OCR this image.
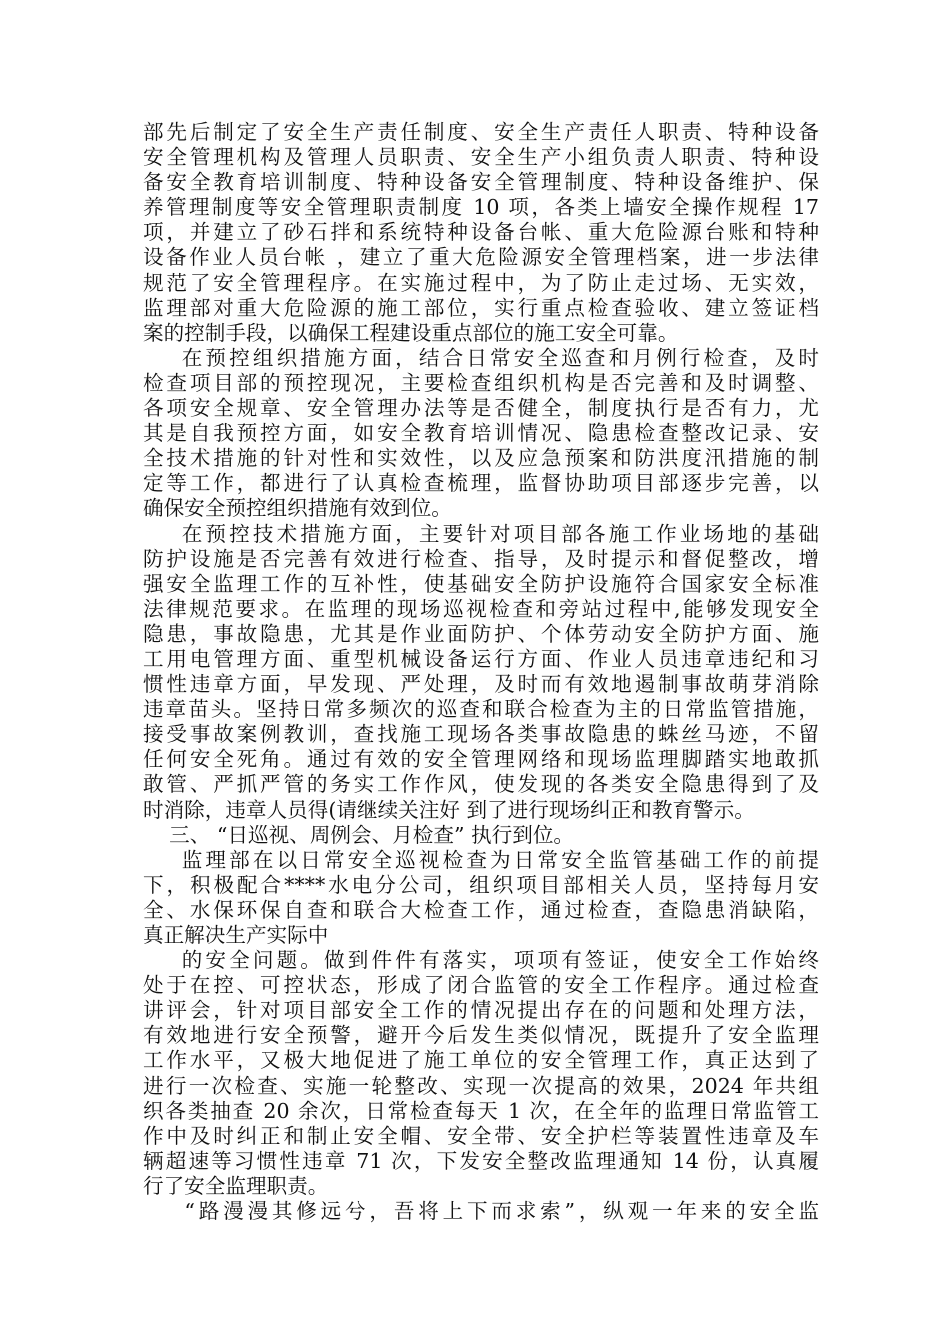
部先后制定了安全生产责任制度、安全生产责任人职责、特种设备
安全管理机构及管理人员职责、安全生产小组负责人职责、特种设
备安全教育培训制度、特种设备安全管理制度、特种设备维护、保
养管理制度等安全管理职责制度 10 项，各类上墙安全操作规程 17
项，并建立了砂石拌和系统特种设备台帐、重大危险源台账和特种
设备作业人员台帐 ，建立了重大危险源安全管理档案，进一步法律
规范了安全管理程序。在实施过程中，为了防止走过场、无实效，
监理部对重大危险源的施工部位，实行重点检查验收、建立签证档
案的控制手段，以确保工程建设重点部位的施工安全可靠。
在预控组织措施方面，结合日常安全巡查和月例行检查，及时
检查项目部的预控现况，主要检查组织机构是否完善和及时调整、
各项安全规章、安全管理办法等是否健全，制度执行是否有力，尤
其是自我预控方面，如安全教育培训情况、隐患检查整改记录、安
全技术措施的针对性和实效性，以及应急预案和防洪度汛措施的制
定等工作，都进行了认真检查梳理，监督协助项目部逐步完善，以
确保安全预控组织措施有效到位。
在预控技术措施方面，主要针对项目部各施工作业场地的基础
防护设施是否完善有效进行检查、指导，及时提示和督促整改，增
强安全监理工作的互补性，使基础安全防护设施符合国家安全标准
法律规范要求。在监理的现场巡视检查和旁站过程中,能够发现安全
隐患，事故隐患，尤其是作业面防护、个体劳动安全防护方面、施
工用电管理方面、重型机械设备运行方面、作业人员违章违纪和习
惯性违章方面，早发现、严处理，及时而有效地遏制事故萌芽消除
违章苗头。坚持日常多频次的巡查和联合检查为主的日常监管措施，
接受事故案例教训，查找施工现场各类事故隐患的蛛丝马迹，不留
任何安全死角。通过有效的安全管理网络和现场监理脚踏实地敢抓
敢管、严抓严管的务实工作作风，使发现的各类安全隐患得到了及
时消除，违章人员得(请继续关注好 到了进行现场纠正和教育警示。
三、 “日巡视、周例会、月检查” 执行到位。
监理部在以日常安全巡视检查为日常安全监管基础工作的前提
下，积极配合****水电分公司，组织项目部相关人员，坚持每月安
全、水保环保自查和联合大检查工作，通过检查，查隐患消缺陷，
真正解决生产实际中
的安全问题。做到件件有落实，项项有签证，使安全工作始终
处于在控、可控状态，形成了闭合监管的安全工作程序。通过检查
讲评会，针对项目部安全工作的情况提出存在的问题和处理方法，
有效地进行安全预警，避开今后发生类似情况，既提升了安全监理
工作水平，又极大地促进了施工单位的安全管理工作，真正达到了
进行一次检查、实施一轮整改、实现一次提高的效果，2024 年共组
织各类抽查 20 余次，日常检查每天 1 次，在全年的监理日常监管工
作中及时纠正和制止安全帽、安全带、安全护栏等装置性违章及车
辆超速等习惯性违章 71 次，下发安全整改监理通知 14 份，认真履
行了安全监理职责。
“路漫漫其修远兮，吾将上下而求索”，纵观一年来的安全监
